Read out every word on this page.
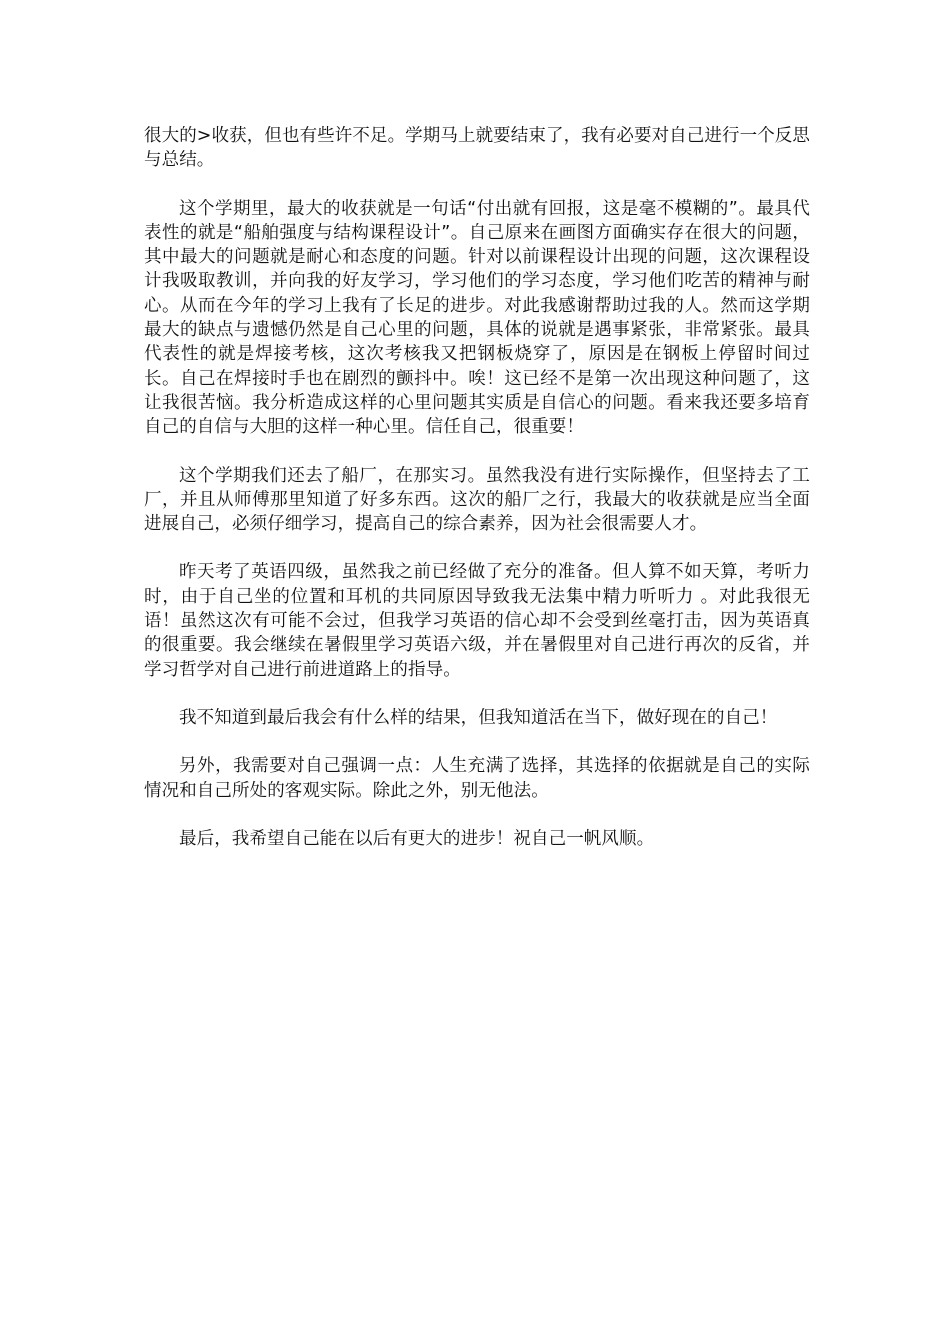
很大的>收获，但也有些许不足。学期马上就要结束了，我有必要对自己进行一个反思与总结。

这个学期里，最大的收获就是一句话“付出就有回报，这是毫不模糊的”。最具代表性的就是“船舶强度与结构课程设计”。自己原来在画图方面确实存在很大的问题，其中最大的问题就是耐心和态度的问题。针对以前课程设计出现的问题，这次课程设计我吸取教训，并向我的好友学习，学习他们的学习态度，学习他们吃苦的精神与耐心。从而在今年的学习上我有了长足的进步。对此我感谢帮助过我的人。然而这学期最大的缺点与遗憾仍然是自己心里的问题，具体的说就是遇事紧张，非常紧张。最具代表性的就是焊接考核，这次考核我又把钢板烧穿了，原因是在钢板上停留时间过长。自己在焊接时手也在剧烈的颤抖中。唉！这已经不是第一次出现这种问题了，这让我很苦恼。我分析造成这样的心里问题其实质是自信心的问题。看来我还要多培育自己的自信与大胆的这样一种心里。信任自己，很重要！

这个学期我们还去了船厂，在那实习。虽然我没有进行实际操作，但坚持去了工厂，并且从师傅那里知道了好多东西。这次的船厂之行，我最大的收获就是应当全面进展自己，必须仔细学习，提高自己的综合素养，因为社会很需要人才。

昨天考了英语四级，虽然我之前已经做了充分的准备。但人算不如天算，考听力时，由于自己坐的位置和耳机的共同原因导致我无法集中精力听听力 。对此我很无语！虽然这次有可能不会过，但我学习英语的信心却不会受到丝毫打击，因为英语真的很重要。我会继续在暑假里学习英语六级，并在暑假里对自己进行再次的反省，并学习哲学对自己进行前进道路上的指导。

我不知道到最后我会有什么样的结果，但我知道活在当下，做好现在的自己！

另外，我需要对自己强调一点：人生充满了选择，其选择的依据就是自己的实际情况和自己所处的客观实际。除此之外，别无他法。

最后，我希望自己能在以后有更大的进步！祝自己一帆风顺。
